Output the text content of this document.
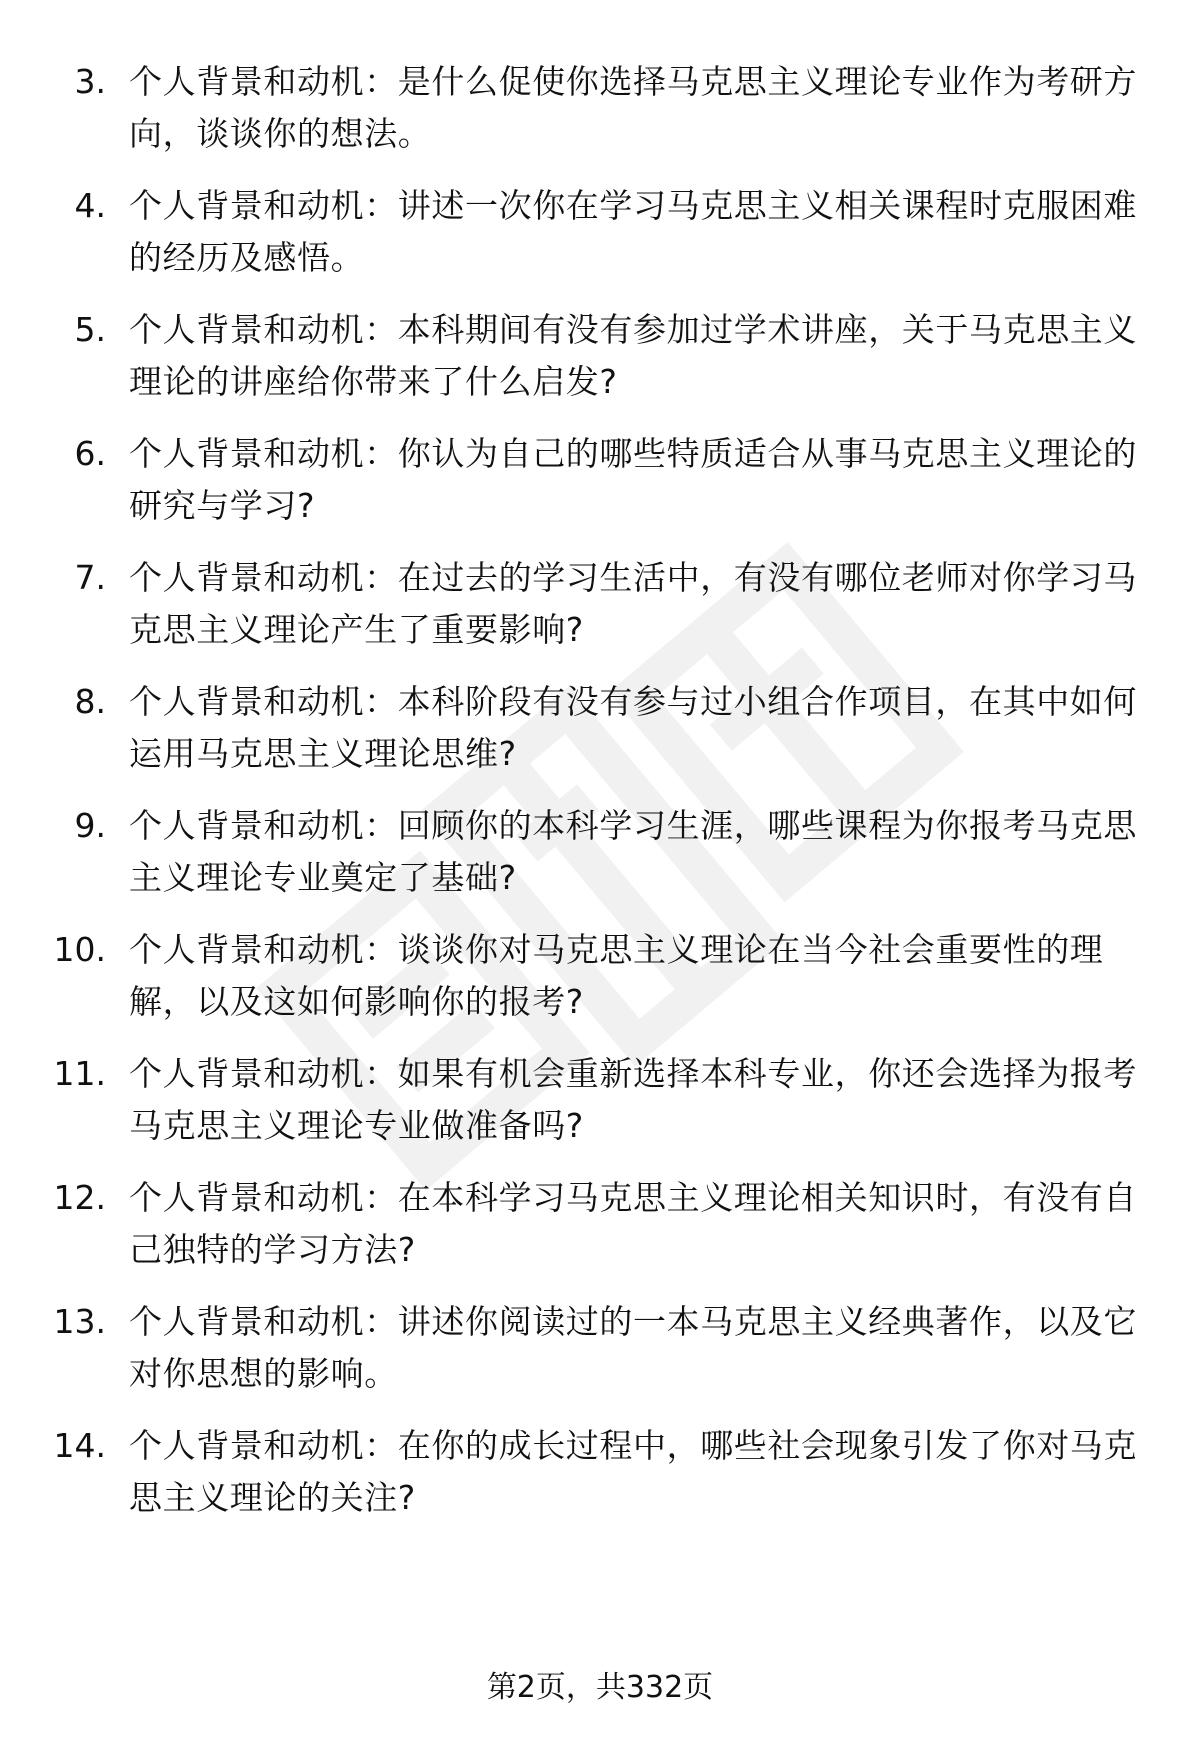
3. 个人背景和动机：是什么促使你选择马克思主义理论专业作为考研方向，谈谈你的想法。
4. 个人背景和动机：讲述一次你在学习马克思主义相关课程时克服困难的经历及感悟。
5. 个人背景和动机：本科期间有没有参加过学术讲座，关于马克思主义理论的讲座给你带来了什么启发?
6. 个人背景和动机：你认为自己的哪些特质适合从事马克思主义理论的研究与学习?
7. 个人背景和动机：在过去的学习生活中，有没有哪位老师对你学习马克思主义理论产生了重要影响?
8. 个人背景和动机：本科阶段有没有参与过小组合作项目，在其中如何运用马克思主义理论思维?
9. 个人背景和动机：回顾你的本科学习生涯，哪些课程为你报考马克思主义理论专业奠定了基础?
10. 个人背景和动机：谈谈你对马克思主义理论在当今社会重要性的理解，以及这如何影响你的报考?
11. 个人背景和动机：如果有机会重新选择本科专业，你还会选择为报考马克思主义理论专业做准备吗?
12. 个人背景和动机：在本科学习马克思主义理论相关知识时，有没有自己独特的学习方法?
13. 个人背景和动机：讲述你阅读过的一本马克思主义经典著作，以及它对你思想的影响。
14. 个人背景和动机：在你的成长过程中，哪些社会现象引发了你对马克思主义理论的关注?
第2页，共332页
